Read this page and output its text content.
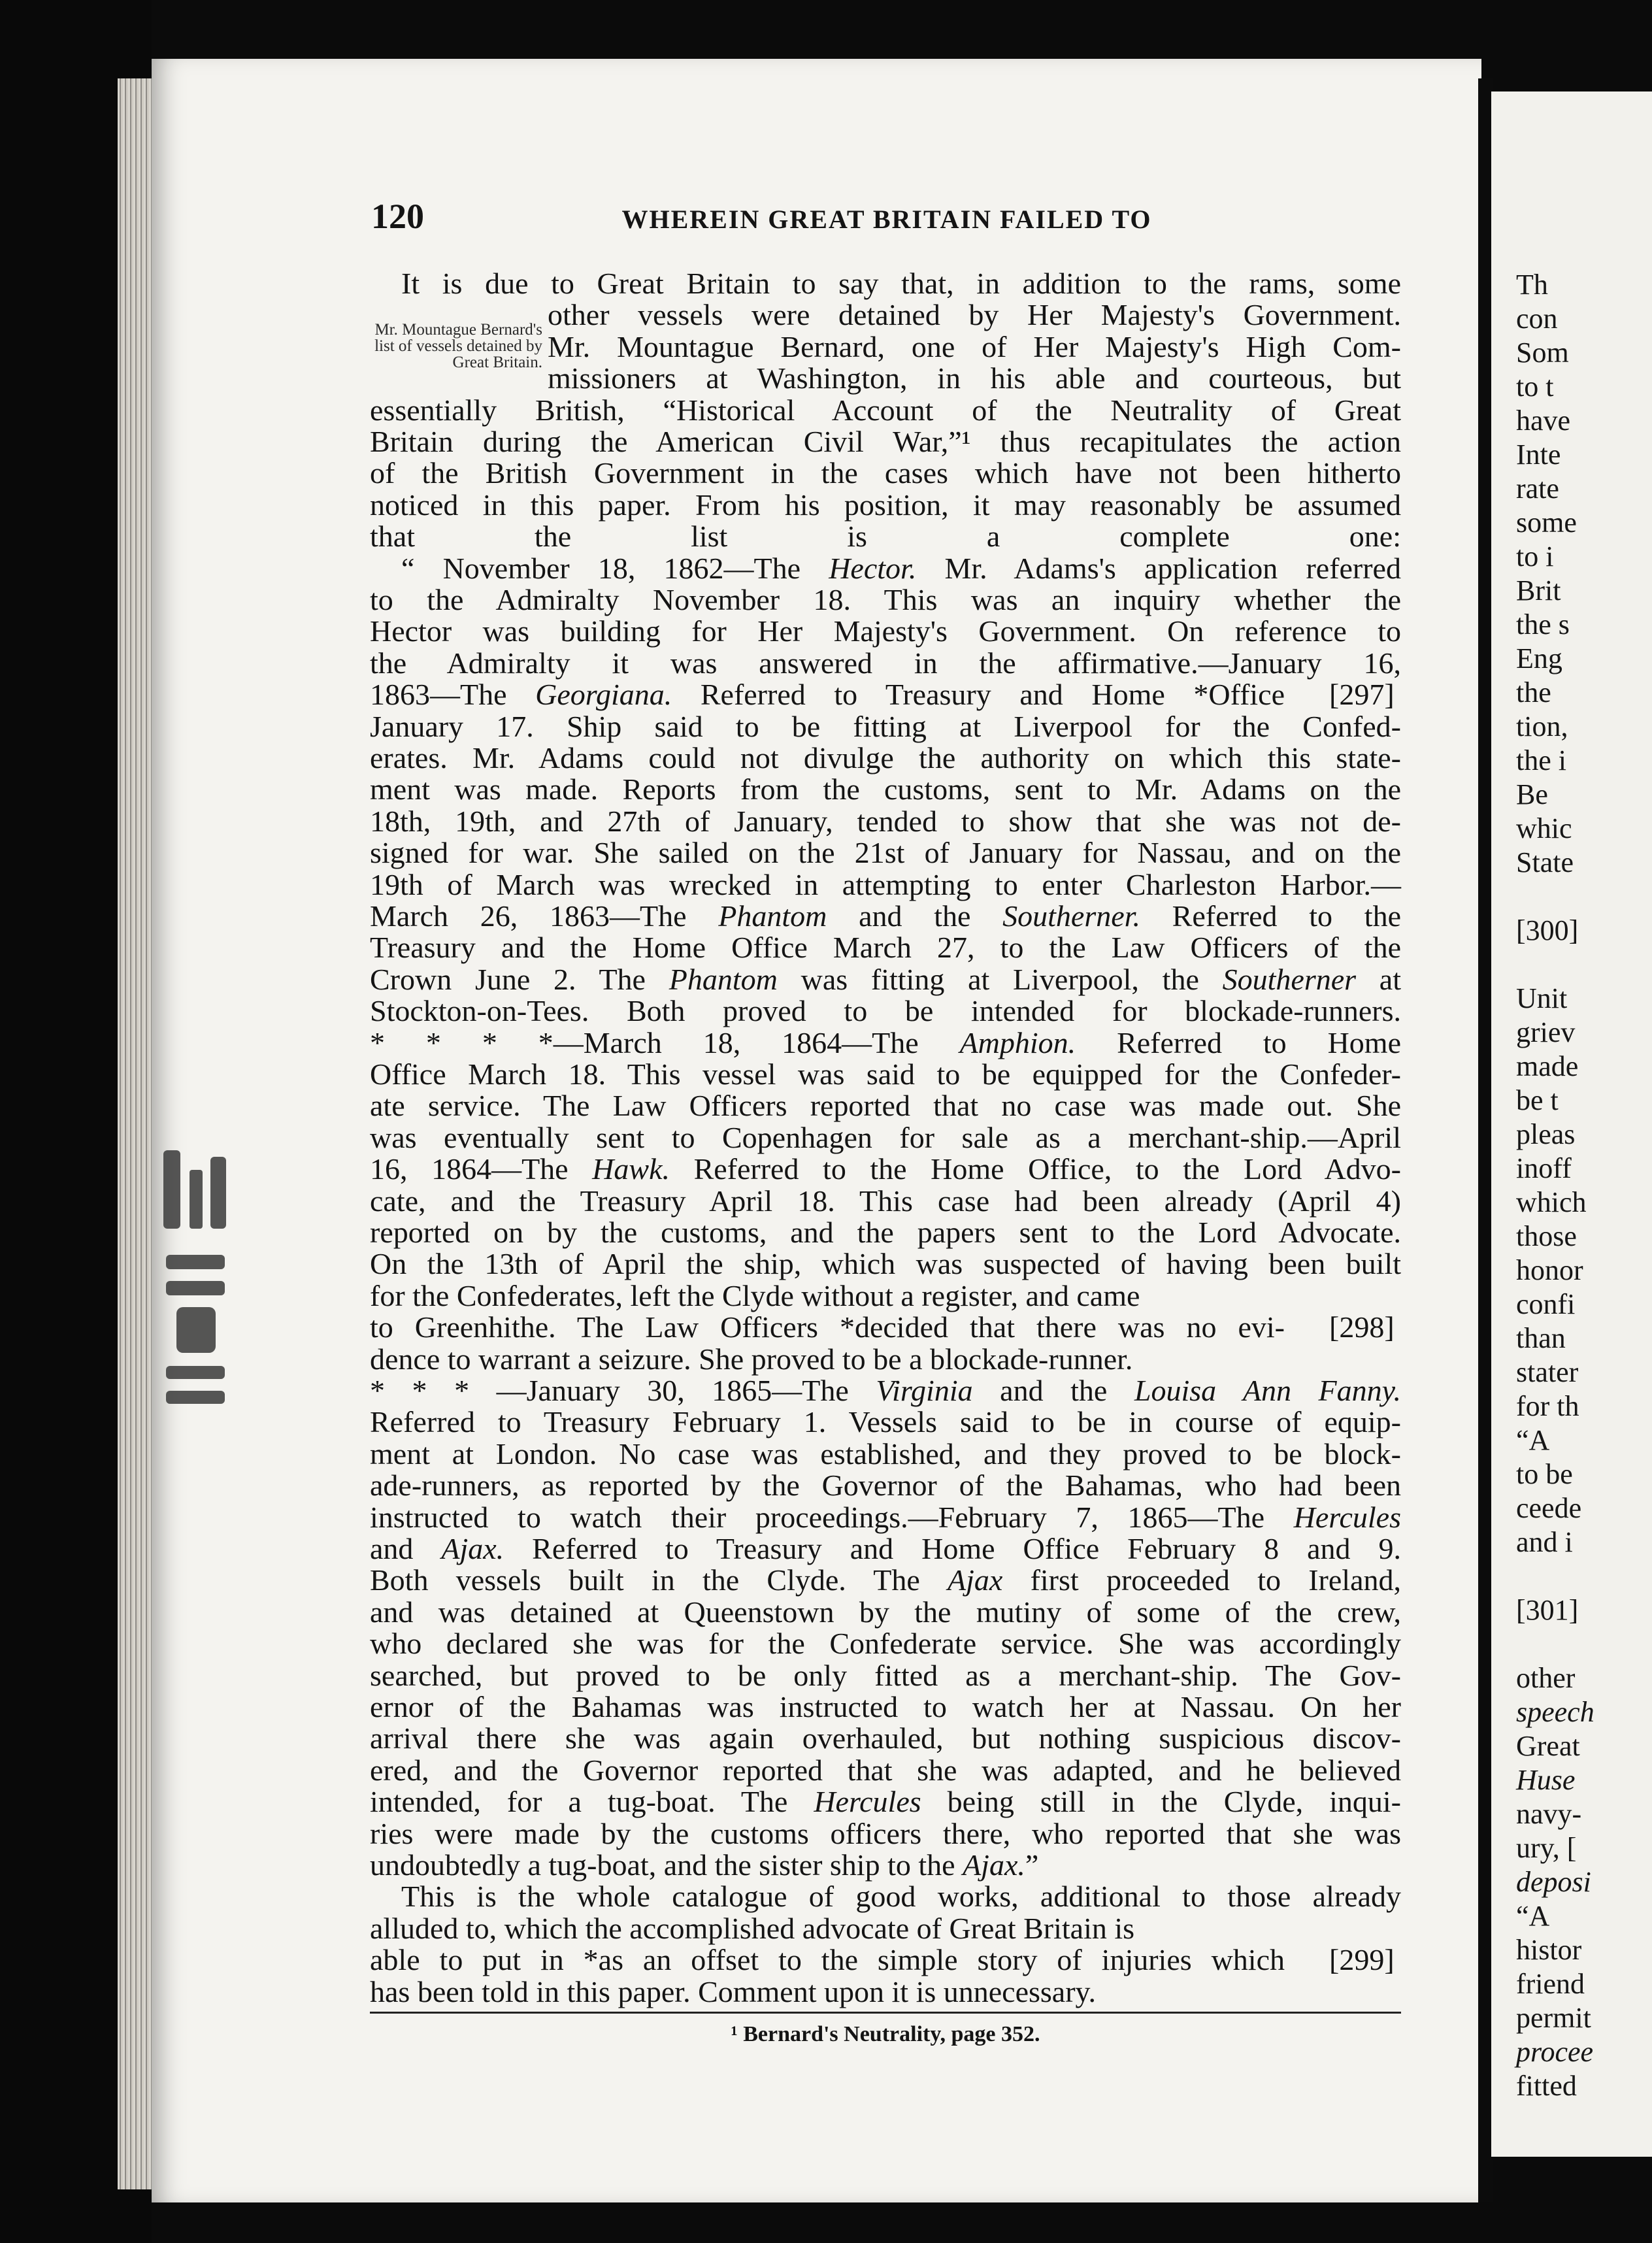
Th
con
Som
to t
have
Inte
rate
some
to i
Brit
the s
Eng
the
tion,
the i
Be
whic
State
[300]
Unit
griev
made
be t
pleas
inoff
which
those
honor
confi
than
stater
for th
“A
to be
ceede
and i
[301]
other
speech
Great
Huse
navy-
ury, [
deposi
“A
histor
friend
permit
procee
fitted
120	WHEREIN GREAT BRITAIN FAILED TO
Mr. Mountague Bernard's list of vessels detained by Great Britain.
It is due to Great Britain to say that, in addition to the rams, some
other vessels were detained by Her Majesty's Government.
Mr. Mountague Bernard, one of Her Majesty's High Com-
missioners at Washington, in his able and courteous, but
essentially British, “Historical Account of the Neutrality of Great
Britain during the American Civil War,”¹ thus recapitulates the action
of the British Government in the cases which have not been hitherto
noticed in this paper. From his position, it may reasonably be assumed
that the list is a complete one:
“ November 18, 1862—The Hector. Mr. Adams's application referred
to the Admiralty November 18. This was an inquiry whether the
Hector was building for Her Majesty's Government. On reference to
the Admiralty it was answered in the affirmative.—January 16,
1863—The Georgiana. Referred to Treasury and Home *Office [297]
January 17. Ship said to be fitting at Liverpool for the Confed-
erates. Mr. Adams could not divulge the authority on which this state-
ment was made. Reports from the customs, sent to Mr. Adams on the
18th, 19th, and 27th of January, tended to show that she was not de-
signed for war. She sailed on the 21st of January for Nassau, and on the
19th of March was wrecked in attempting to enter Charleston Harbor.—
March 26, 1863—The Phantom and the Southerner. Referred to the
Treasury and the Home Office March 27, to the Law Officers of the
Crown June 2. The Phantom was fitting at Liverpool, the Southerner at
Stockton-on-Tees. Both proved to be intended for blockade-runners.
* * * *—March 18, 1864—The Amphion. Referred to Home
Office March 18. This vessel was said to be equipped for the Confeder-
ate service. The Law Officers reported that no case was made out. She
was eventually sent to Copenhagen for sale as a merchant-ship.—April
16, 1864—The Hawk. Referred to the Home Office, to the Lord Advo-
cate, and the Treasury April 18. This case had been already (April 4)
reported on by the customs, and the papers sent to the Lord Advocate.
On the 13th of April the ship, which was suspected of having been built
for the Confederates, left the Clyde without a register, and came
to Greenhithe. The Law Officers *decided that there was no evi- [298]
dence to warrant a seizure. She proved to be a blockade-runner.
* * * —January 30, 1865—The Virginia and the Louisa Ann Fanny.
Referred to Treasury February 1. Vessels said to be in course of equip-
ment at London. No case was established, and they proved to be block-
ade-runners, as reported by the Governor of the Bahamas, who had been
instructed to watch their proceedings.—February 7, 1865—The Hercules
and Ajax. Referred to Treasury and Home Office February 8 and 9.
Both vessels built in the Clyde. The Ajax first proceeded to Ireland,
and was detained at Queenstown by the mutiny of some of the crew,
who declared she was for the Confederate service. She was accordingly
searched, but proved to be only fitted as a merchant-ship. The Gov-
ernor of the Bahamas was instructed to watch her at Nassau. On her
arrival there she was again overhauled, but nothing suspicious discov-
ered, and the Governor reported that she was adapted, and he believed
intended, for a tug-boat. The Hercules being still in the Clyde, inqui-
ries were made by the customs officers there, who reported that she was
undoubtedly a tug-boat, and the sister ship to the Ajax.”
This is the whole catalogue of good works, additional to those already
alluded to, which the accomplished advocate of Great Britain is
able to put in *as an offset to the simple story of injuries which [299]
has been told in this paper. Comment upon it is unnecessary.
¹ Bernard's Neutrality, page 352.
